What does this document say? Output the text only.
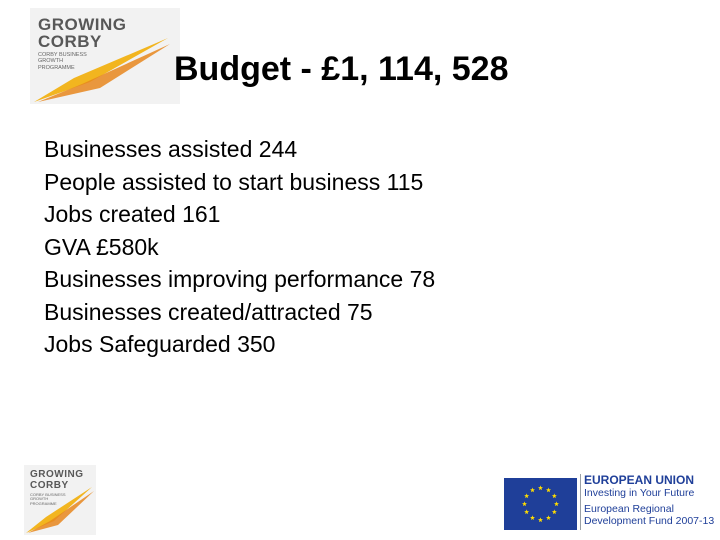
GROWING
CORBY
CORBY BUSINESS GROWTH PROGRAMME	Budget - £1, 114, 528
Businesses assisted 244
People assisted to start business 115
Jobs created 161
GVA £580k
Businesses improving performance 78
Businesses created/attracted 75
Jobs Safeguarded 350
GROWING
CORBY
CORBY BUSINESS GROWTH PROGRAMME
EUROPEAN UNION
Investing in Your Future
European Regional
Development Fund 2007-13
